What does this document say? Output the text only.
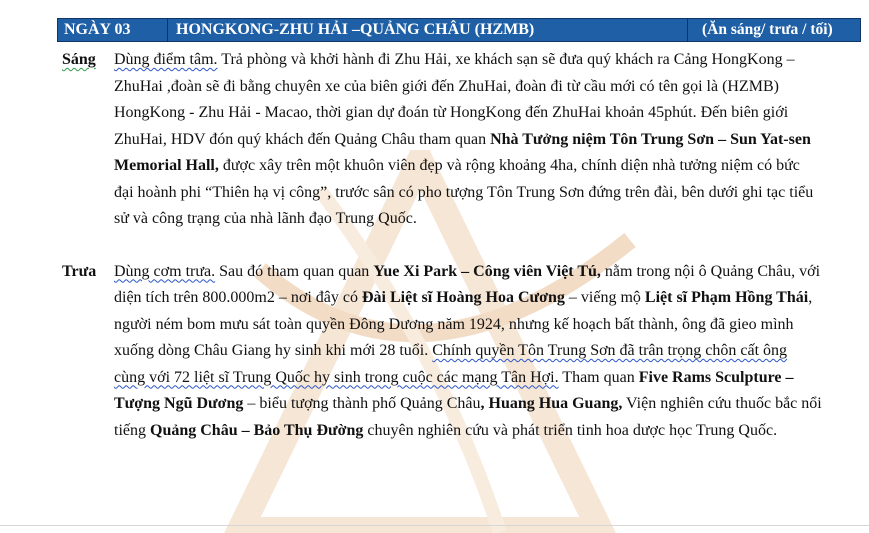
NGÀY 03	HONGKONG-ZHU HẢI –QUẢNG CHÂU (HZMB)	(Ăn sáng/ trưa / tối)
Sáng Dùng điểm tâm. Trả phòng và khởi hành đi Zhu Hải, xe khách sạn sẽ đưa quý khách ra Cảng HongKong – ZhuHai ,đoàn sẽ đi bằng chuyên xe của biên giới đến ZhuHai, đoàn đi từ cầu mới có tên gọi là (HZMB) HongKong - Zhu Hải - Macao, thời gian dự đoán từ HongKong đến ZhuHai khoản 45phút. Đến biên giới ZhuHai, HDV đón quý khách đến Quảng Châu tham quan Nhà Tưởng niệm Tôn Trung Sơn – Sun Yat-sen Memorial Hall, được xây trên một khuôn viên đẹp và rộng khoảng 4ha, chính diện nhà tưởng niệm có bức đại hoành phi “Thiên hạ vị công”, trước sân có pho tượng Tôn Trung Sơn đứng trên đài, bên dưới ghi tạc tiểu sử và công trạng của nhà lãnh đạo Trung Quốc.
Trưa Dùng cơm trưa. Sau đó tham quan quan Yue Xi Park – Công viên Việt Tú, nằm trong nội ô Quảng Châu, với diện tích trên 800.000m2 – nơi đây có Đài Liệt sĩ Hoàng Hoa Cương – viếng mộ Liệt sĩ Phạm Hồng Thái, người ném bom mưu sát toàn quyền Đông Dương năm 1924, nhưng kế hoạch bất thành, ông đã gieo mình xuống dòng Châu Giang hy sinh khi mới 28 tuổi. Chính quyền Tôn Trung Sơn đã trân trọng chôn cất ông cùng với 72 liệt sĩ Trung Quốc hy sinh trong cuộc các mạng Tân Hợi. Tham quan Five Rams Sculpture – Tượng Ngũ Dương – biểu tượng thành phố Quảng Châu, Huang Hua Guang, Viện nghiên cứu thuốc bắc nổi tiếng Quảng Châu – Bảo Thụ Đường chuyên nghiên cứu và phát triển tinh hoa dược học Trung Quốc.
